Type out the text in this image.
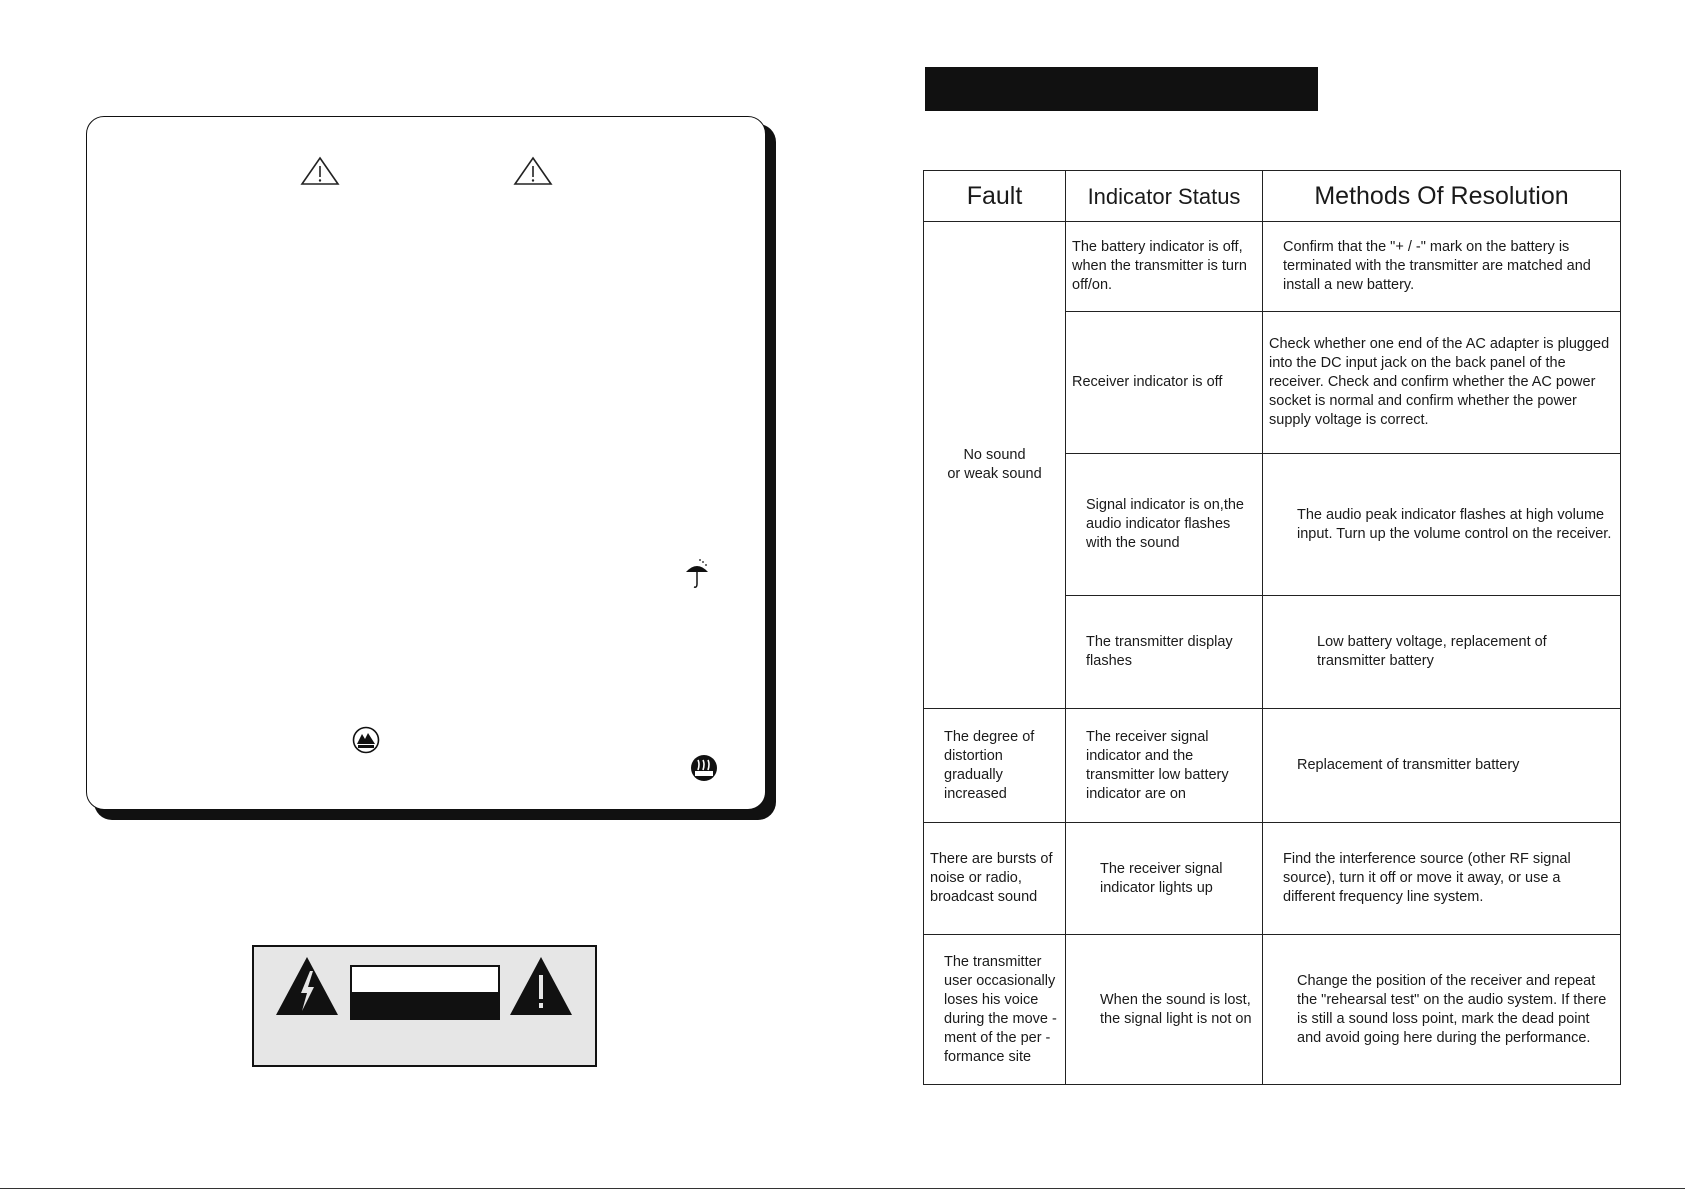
Fault	Indicator Status	Methods Of Resolution
No sound
or weak sound	The battery indicator is off, when the transmitter is turn off/on.	Confirm that the "+ / -" mark on the battery is terminated with the transmitter are matched and install a new battery.
	Receiver indicator is off	Check whether one end of the AC adapter is plugged into the DC input jack on the back panel of the receiver. Check and confirm whether the AC power socket is normal and confirm whether the power supply voltage is correct.
	Signal indicator is on,the audio indicator flashes with the sound	The audio peak indicator flashes at high volume input. Turn up the volume control on the receiver.
	The transmitter display flashes	Low battery voltage, replacement of transmitter battery
The degree of distortion gradually increased	The receiver signal indicator and the transmitter low battery indicator are on	Replacement of transmitter battery
There are bursts of noise or radio, broadcast sound	The receiver signal indicator lights up	Find the interference source (other RF signal source), turn it off or move it away, or use a different frequency line system.
The transmitter user occasionally loses his voice during the move -ment of the per -formance site	When the sound is lost, the signal light is not on	Change the position of the receiver and repeat the "rehearsal test" on the audio system. If there is still a sound loss point, mark the dead point and avoid going here during the performance.
